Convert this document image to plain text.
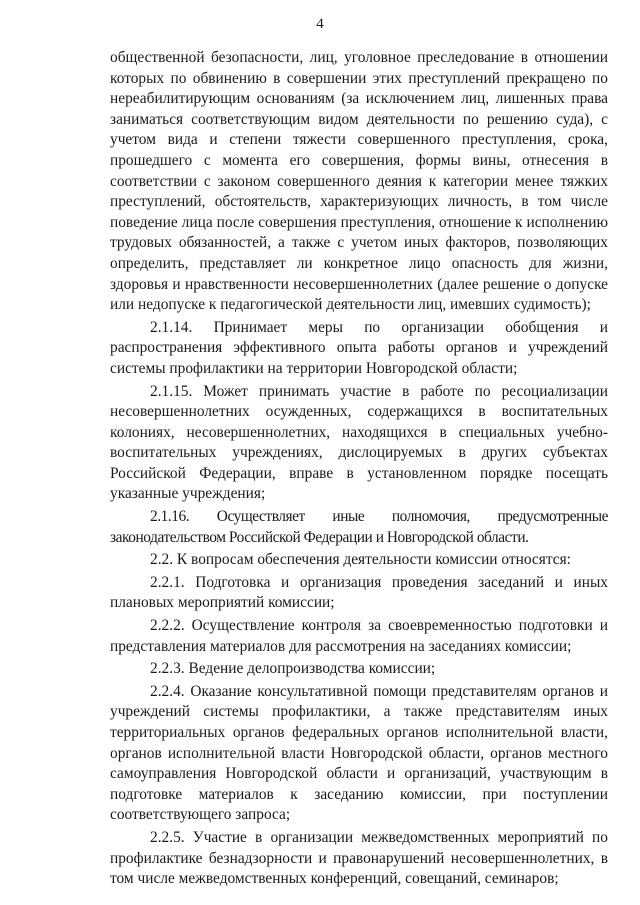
4

общественной безопасности, лиц, уголовное преследование в отношении которых по обвинению в совершении этих преступлений прекращено по нереабилитирующим основаниям (за исключением лиц, лишенных права заниматься соответствующим видом деятельности по решению суда), с учетом вида и степени тяжести совершенного преступления, срока, прошедшего с момента его совершения, формы вины, отнесения в соответствии с законом совершенного деяния к категории менее тяжких преступлений, обстоятельств, характеризующих личность, в том числе поведение лица после совершения преступления, отношение к исполнению трудовых обязанностей, а также с учетом иных факторов, позволяющих определить, представляет ли конкретное лицо опасность для жизни, здоровья и нравственности несовершеннолетних (далее решение о допуске или недопуске к педагогической деятельности лиц, имевших судимость);

2.1.14. Принимает меры по организации обобщения и распространения эффективного опыта работы органов и учреждений системы профилактики на территории Новгородской области;

2.1.15. Может принимать участие в работе по ресоциализации несовершеннолетних осужденных, содержащихся в воспитательных колониях, несовершеннолетних, находящихся в специальных учебно-воспитательных учреждениях, дислоцируемых в других субъектах Российской Федерации, вправе в установленном порядке посещать указанные учреждения;

2.1.16. Осуществляет иные полномочия, предусмотренные законодательством Российской Федерации и Новгородской области.

2.2. К вопросам обеспечения деятельности комиссии относятся:

2.2.1. Подготовка и организация проведения заседаний и иных плановых мероприятий комиссии;

2.2.2. Осуществление контроля за своевременностью подготовки и представления материалов для рассмотрения на заседаниях комиссии;

2.2.3. Ведение делопроизводства комиссии;

2.2.4. Оказание консультативной помощи представителям органов и учреждений системы профилактики, а также представителям иных территориальных органов федеральных органов исполнительной власти, органов исполнительной власти Новгородской области, органов местного самоуправления Новгородской области и организаций, участвующим в подготовке материалов к заседанию комиссии, при поступлении соответствующего запроса;

2.2.5. Участие в организации межведомственных мероприятий по профилактике безнадзорности и правонарушений несовершеннолетних, в том числе межведомственных конференций, совещаний, семинаров;
